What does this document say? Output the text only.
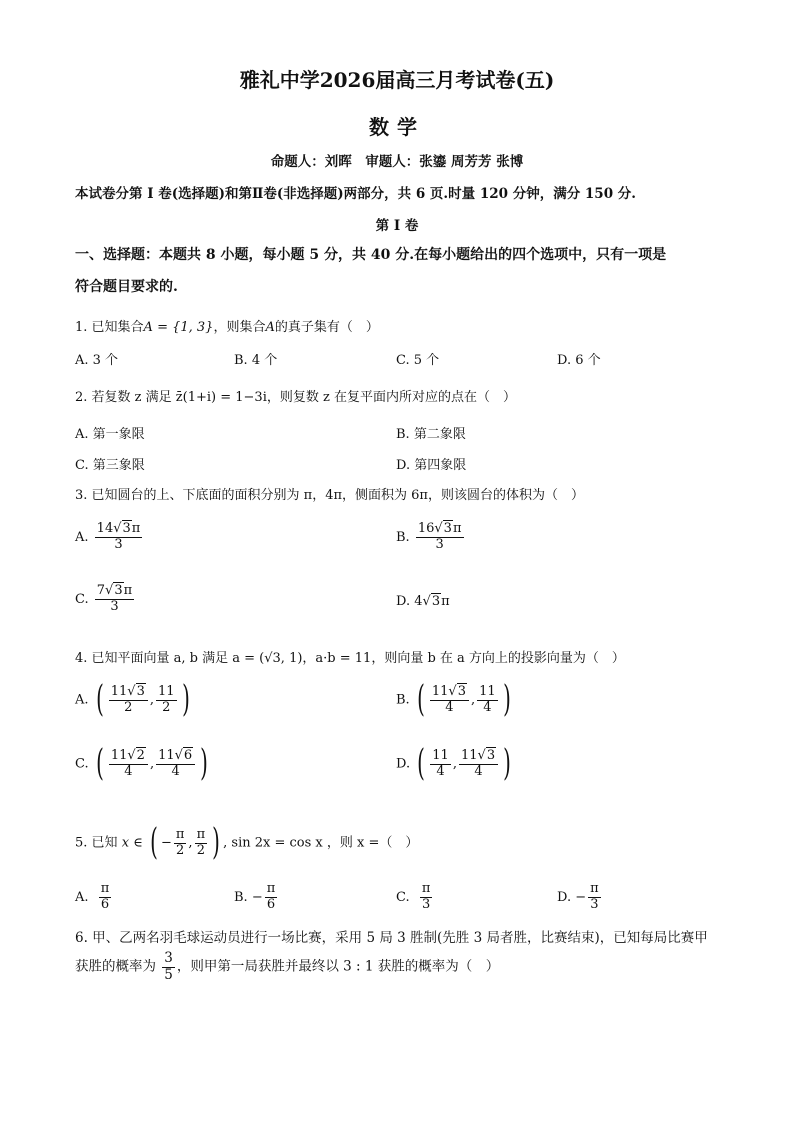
雅礼中学2026届高三月考试卷(五)
数学
命题人：刘晖　审题人：张鎏 周芳芳 张博
本试卷分第 I 卷(选择题)和第Ⅱ卷(非选择题)两部分，共 6 页.时量 120 分钟，满分 150 分.
第 I 卷
一、选择题：本题共 8 小题，每小题 5 分，共 40 分.在每小题给出的四个选项中，只有一项是
符合题目要求的.
1. 已知集合A = {1, 3}，则集合A的真子集有（　）
A. 3 个	B. 4 个	C. 5 个	D. 6 个
2. 若复数 z 满足 z̄(1+i) = 1−3i，则复数 z 在复平面内所对应的点在（　）
A. 第一象限	B. 第二象限
C. 第三象限	D. 第四象限
3. 已知圆台的上、下底面的面积分别为 π，4π，侧面积为 6π，则该圆台的体积为（　）
A. $\frac{14√3\pi}{3}$	B. $\frac{16√3\pi}{3}$
C. $\frac{7√3\pi}{3}$	D. 4√3π
4. 已知平面向量 a, b 满足 a = (√3, 1)，a·b = 11，则向量 b 在 a 方向上的投影向量为（　）
A. ( $\frac{11√3}{2}$ , $\frac{11}{2}$ )	B. ( $\frac{11√3}{4}$ , $\frac{11}{4}$ )
C. ( $\frac{11√2}{4}$ , $\frac{11√6}{4}$ )	D. ( $\frac{11}{4}$ , $\frac{11√3}{4}$ )
5. 已知 x ∈ ( − $\frac{\pi}{2}$ , $\frac{\pi}{2}$ ) , sin 2x = cos x ，则 x =（　）
A. $\frac{\pi}{6}$	B. − $\frac{\pi}{6}$	C. $\frac{\pi}{3}$	D. − $\frac{\pi}{3}$
6. 甲、乙两名羽毛球运动员进行一场比赛，采用 5 局 3 胜制(先胜 3 局者胜，比赛结束)，已知每局比赛甲
获胜的概率为 $\frac{3}{5}$ ，则甲第一局获胜并最终以 3 : 1 获胜的概率为（　）
